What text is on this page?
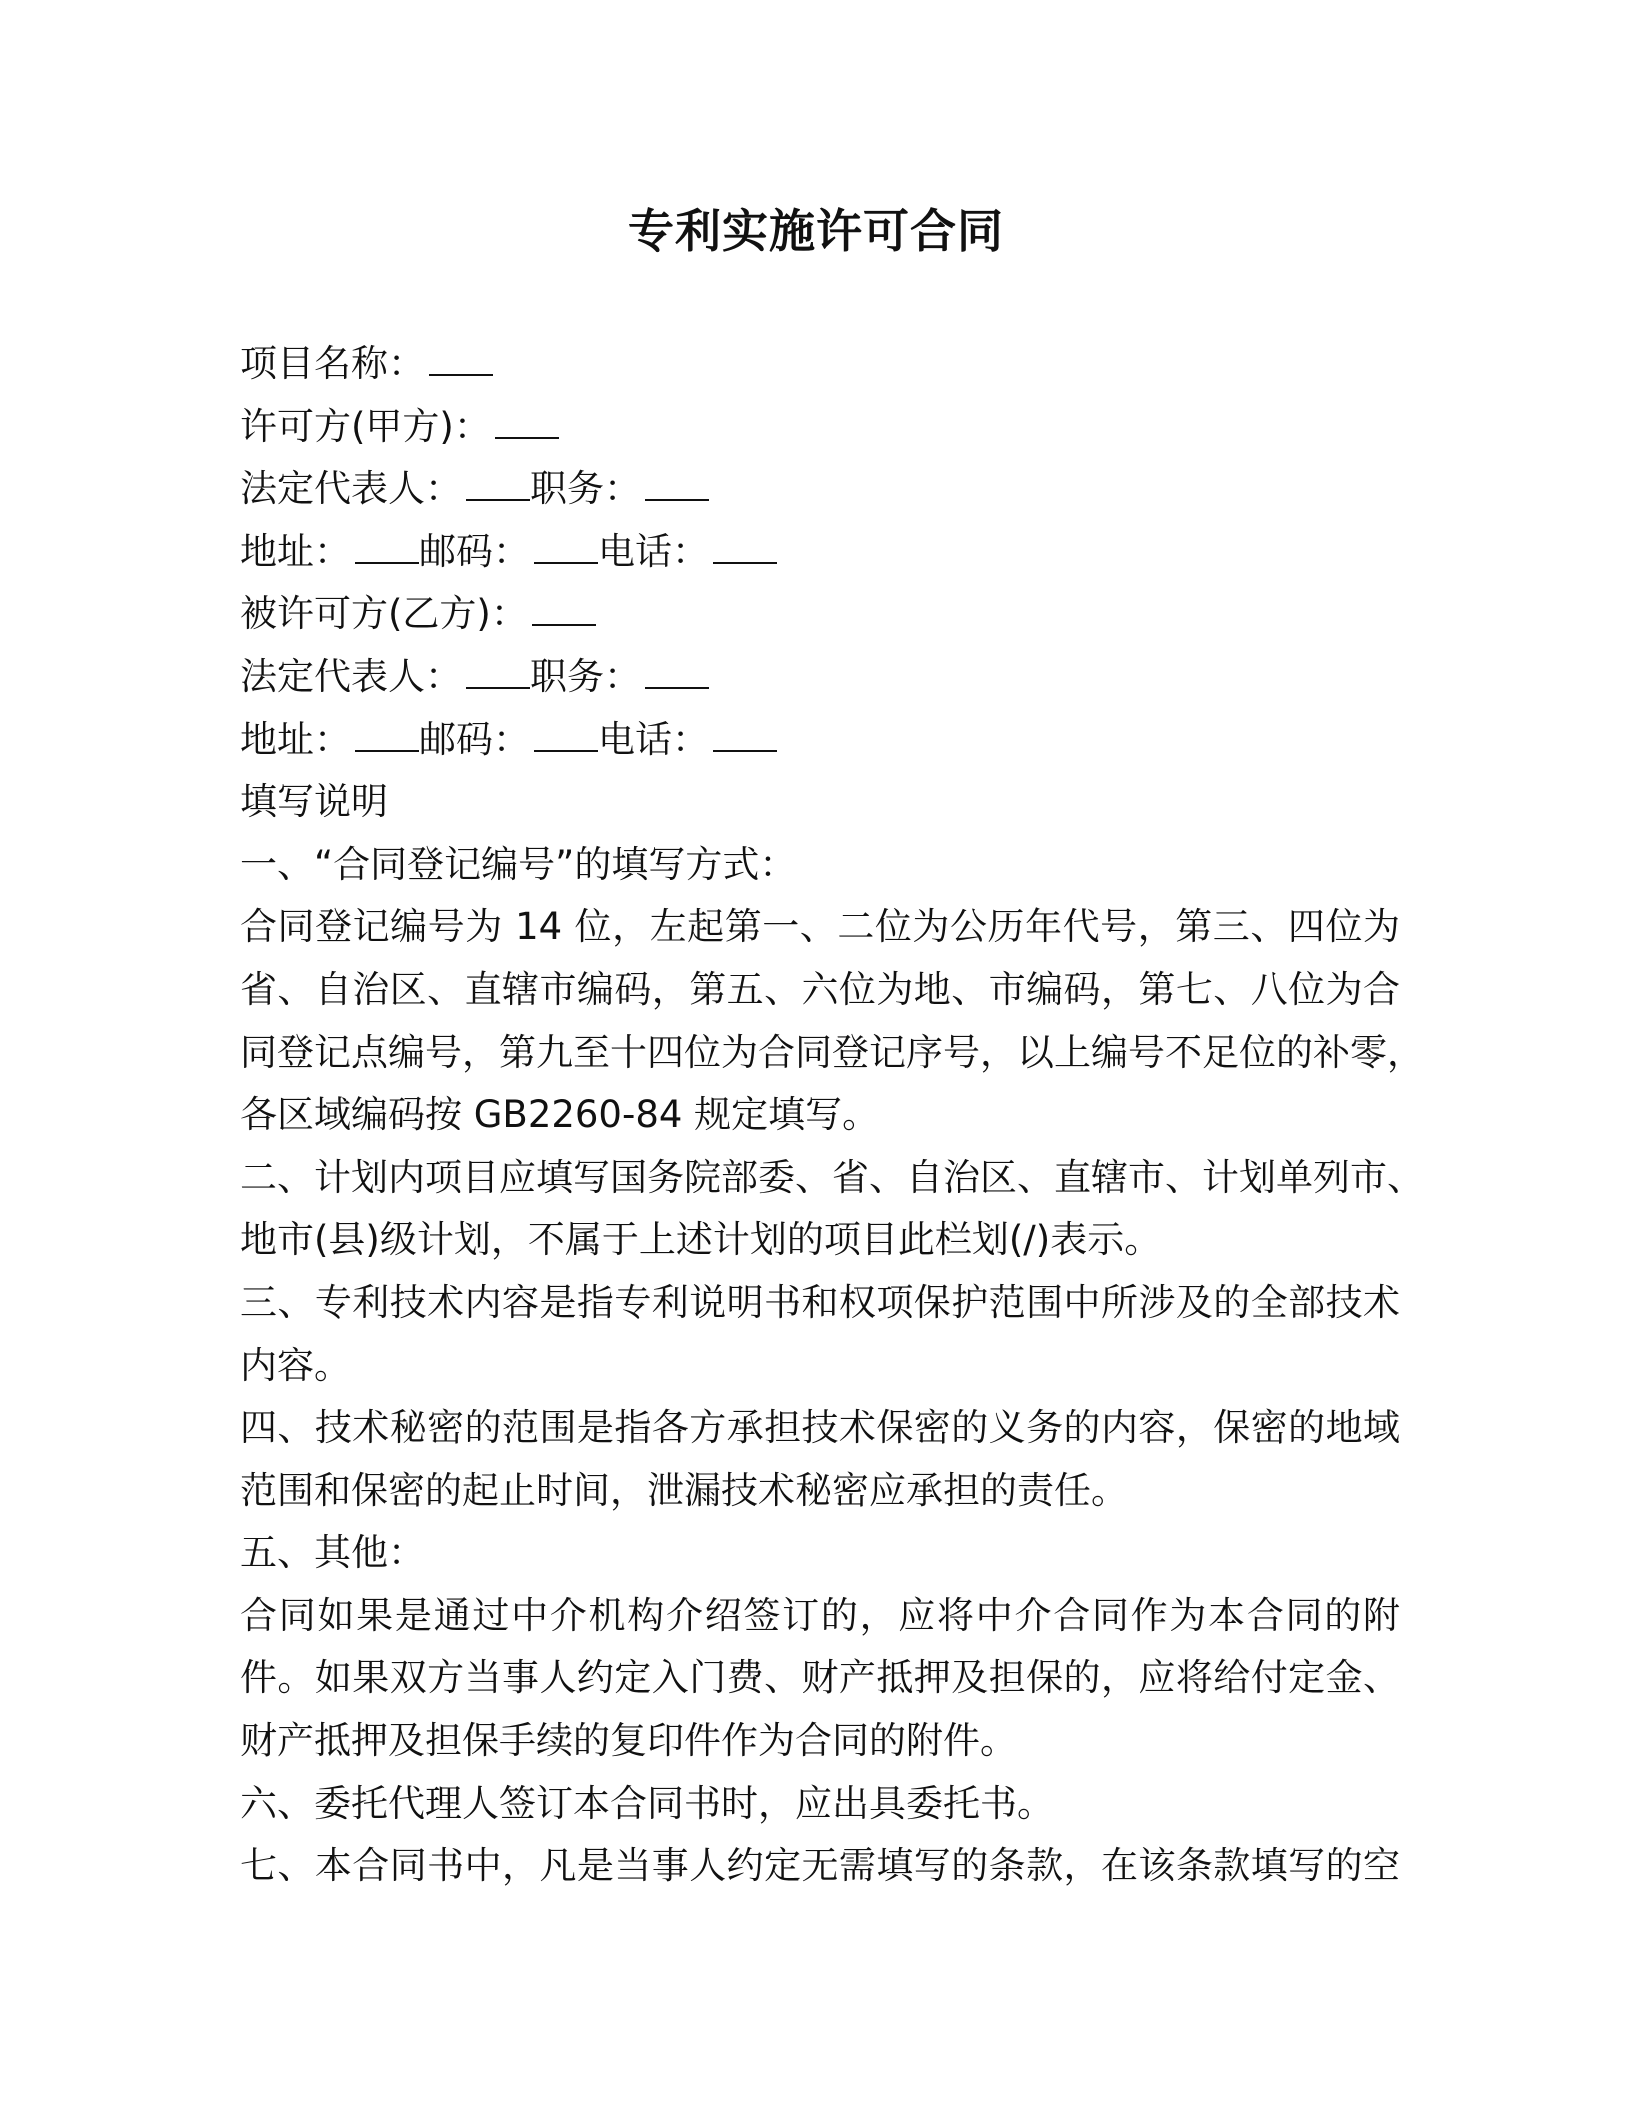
专利实施许可合同
项目名称：
许可方(甲方)：
法定代表人： 职务：
地址： 邮码： 电话：
被许可方(乙方)：
法定代表人： 职务：
地址： 邮码： 电话：
填写说明
一、“合同登记编号”的填写方式：
合同登记编号为 14 位，左起第一、二位为公历年代号，第三、四位为
省、自治区、直辖市编码，第五、六位为地、市编码，第七、八位为合
同登记点编号，第九至十四位为合同登记序号，以上编号不足位的补零，
各区域编码按 GB2260-84 规定填写。
二、计划内项目应填写国务院部委、省、自治区、直辖市、计划单列市、
地市(县)级计划，不属于上述计划的项目此栏划(/)表示。
三、专利技术内容是指专利说明书和权项保护范围中所涉及的全部技术
内容。
四、技术秘密的范围是指各方承担技术保密的义务的内容，保密的地域
范围和保密的起止时间，泄漏技术秘密应承担的责任。
五、其他：
合同如果是通过中介机构介绍签订的，应将中介合同作为本合同的附
件。如果双方当事人约定入门费、财产抵押及担保的，应将给付定金、
财产抵押及担保手续的复印件作为合同的附件。
六、委托代理人签订本合同书时，应出具委托书。
七、本合同书中，凡是当事人约定无需填写的条款，在该条款填写的空
